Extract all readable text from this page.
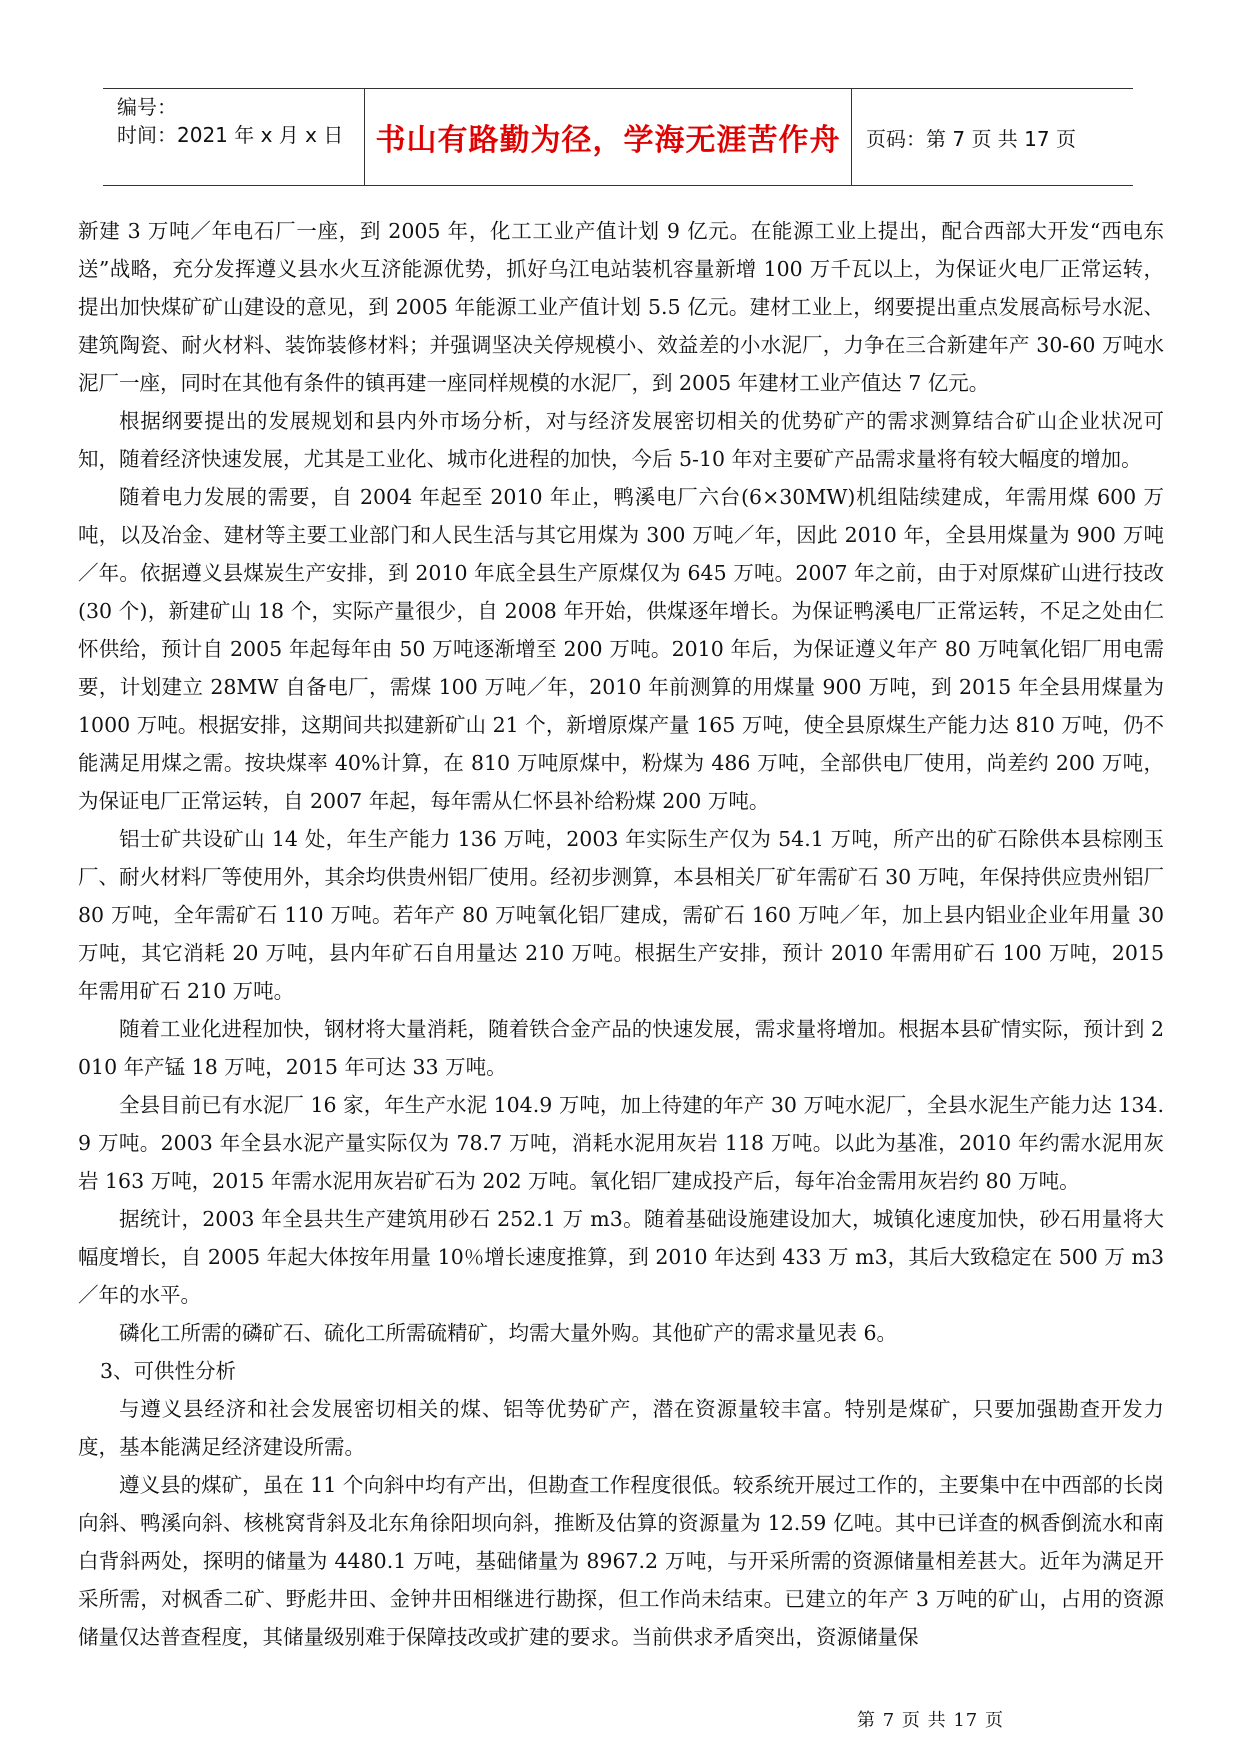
编号：
时间：2021 年 x 月 x 日	书山有路勤为径，学海无涯苦作舟 页码：第 7 页 共 17 页

新建 3 万吨／年电石厂一座，到 2005 年，化工工业产值计划 9 亿元。在能源工业上提出，配合西部大开发“西电东送”战略，充分发挥遵义县水火互济能源优势，抓好乌江电站装机容量新增 100 万千瓦以上，为保证火电厂正常运转，提出加快煤矿矿山建设的意见，到 2005 年能源工业产值计划 5.5 亿元。建材工业上，纲要提出重点发展高标号水泥、建筑陶瓷、耐火材料、装饰装修材料；并强调坚决关停规模小、效益差的小水泥厂，力争在三合新建年产 30-60 万吨水泥厂一座，同时在其他有条件的镇再建一座同样规模的水泥厂，到 2005 年建材工业产值达 7 亿元。

根据纲要提出的发展规划和县内外市场分析，对与经济发展密切相关的优势矿产的需求测算结合矿山企业状况可知，随着经济快速发展，尤其是工业化、城市化进程的加快，今后 5-10 年对主要矿产品需求量将有较大幅度的增加。

随着电力发展的需要，自 2004 年起至 2010 年止，鸭溪电厂六台(6×30MW)机组陆续建成，年需用煤 600 万吨，以及冶金、建材等主要工业部门和人民生活与其它用煤为 300 万吨／年，因此 2010 年，全县用煤量为 900 万吨／年。依据遵义县煤炭生产安排，到 2010 年底全县生产原煤仅为 645 万吨。2007 年之前，由于对原煤矿山进行技改(30 个)，新建矿山 18 个，实际产量很少，自 2008 年开始，供煤逐年增长。为保证鸭溪电厂正常运转，不足之处由仁怀供给，预计自 2005 年起每年由 50 万吨逐渐增至 200 万吨。2010 年后，为保证遵义年产 80 万吨氧化铝厂用电需要，计划建立 28MW 自备电厂，需煤 100 万吨／年，2010 年前测算的用煤量 900 万吨，到 2015 年全县用煤量为 1000 万吨。根据安排，这期间共拟建新矿山 21 个，新增原煤产量 165 万吨，使全县原煤生产能力达 810 万吨，仍不能满足用煤之需。按块煤率 40%计算，在 810 万吨原煤中，粉煤为 486 万吨，全部供电厂使用，尚差约 200 万吨，为保证电厂正常运转，自 2007 年起，每年需从仁怀县补给粉煤 200 万吨。

铝士矿共设矿山 14 处，年生产能力 136 万吨，2003 年实际生产仅为 54.1 万吨，所产出的矿石除供本县棕刚玉厂、耐火材料厂等使用外，其余均供贵州铝厂使用。经初步测算，本县相关厂矿年需矿石 30 万吨，年保持供应贵州铝厂 80 万吨，全年需矿石 110 万吨。若年产 80 万吨氧化铝厂建成，需矿石 160 万吨／年，加上县内铝业企业年用量 30 万吨，其它消耗 20 万吨，县内年矿石自用量达 210 万吨。根据生产安排，预计 2010 年需用矿石 100 万吨，2015 年需用矿石 210 万吨。

随着工业化进程加快，钢材将大量消耗，随着铁合金产品的快速发展，需求量将增加。根据本县矿情实际，预计到 2010 年产锰 18 万吨，2015 年可达 33 万吨。

全县目前已有水泥厂 16 家，年生产水泥 104.9 万吨，加上待建的年产 30 万吨水泥厂，全县水泥生产能力达 134.9 万吨。2003 年全县水泥产量实际仅为 78.7 万吨，消耗水泥用灰岩 118 万吨。以此为基准，2010 年约需水泥用灰岩 163 万吨，2015 年需水泥用灰岩矿石为 202 万吨。氧化铝厂建成投产后，每年冶金需用灰岩约 80 万吨。

据统计，2003 年全县共生产建筑用砂石 252.1 万 m3。随着基础设施建设加大，城镇化速度加快，砂石用量将大幅度增长，自 2005 年起大体按年用量 10％增长速度推算，到 2010 年达到 433 万 m3，其后大致稳定在 500 万 m3／年的水平。

磷化工所需的磷矿石、硫化工所需硫精矿，均需大量外购。其他矿产的需求量见表 6。

3、可供性分析

与遵义县经济和社会发展密切相关的煤、铝等优势矿产，潜在资源量较丰富。特别是煤矿，只要加强勘查开发力度，基本能满足经济建设所需。

遵义县的煤矿，虽在 11 个向斜中均有产出，但勘查工作程度很低。较系统开展过工作的，主要集中在中西部的长岗向斜、鸭溪向斜、核桃窝背斜及北东角徐阳坝向斜，推断及估算的资源量为 12.59 亿吨。其中已详查的枫香倒流水和南白背斜两处，探明的储量为 4480.1 万吨，基础储量为 8967.2 万吨，与开采所需的资源储量相差甚大。近年为满足开采所需，对枫香二矿、野彪井田、金钟井田相继进行勘探，但工作尚未结束。已建立的年产 3 万吨的矿山，占用的资源储量仅达普查程度，其储量级别难于保障技改或扩建的要求。当前供求矛盾突出，资源储量保

第 7 页 共 17 页
